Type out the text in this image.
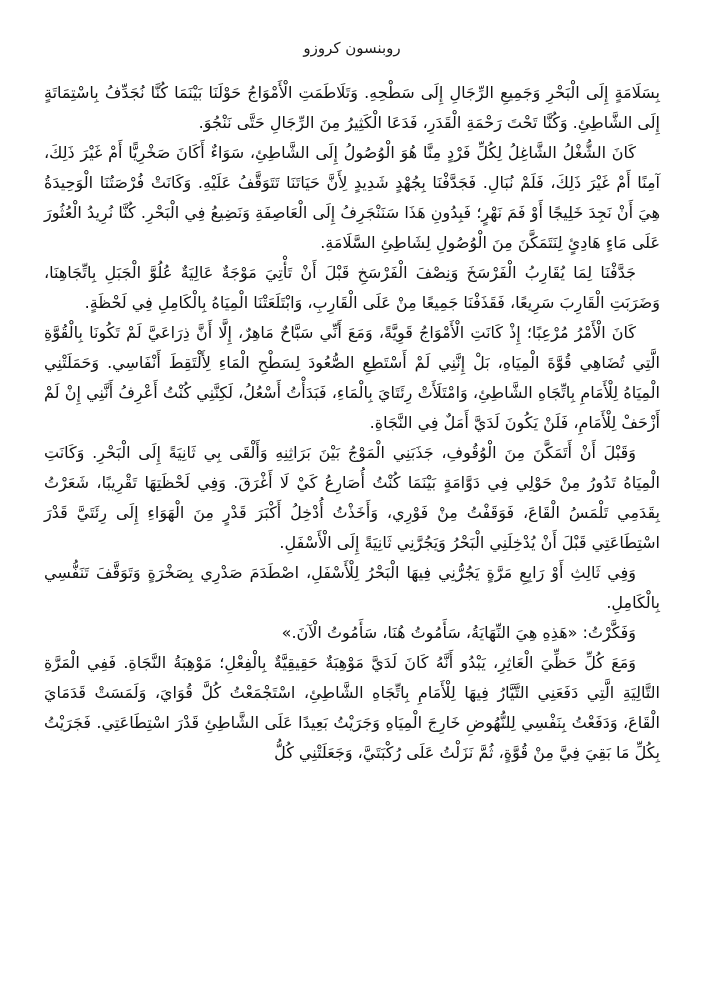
روبنسون كروزو

بِسَلَامَةٍ إِلَى الْبَحْرِ وَجَمِيعِ الرِّجَالِ إِلَى سَطْحِهِ. وَتَلَاطَمَتِ الْأَمْوَاجُ حَوْلَنَا بَيْنَمَا كُنَّا نُجَدِّفُ بِاسْتِمَاتَةٍ إِلَى الشَّاطِئِ. وَكُنَّا تَحْتَ رَحْمَةِ الْقَدَرِ، فَدَعَا الْكَثِيرُ مِنَ الرِّجَالِ حَتَّى نَنْجُوَ.

كَانَ الشُّغْلُ الشَّاغِلُ لِكُلِّ فَرْدٍ مِنَّا هُوَ الْوُصُولُ إِلَى الشَّاطِئِ، سَوَاءٌ أَكَانَ صَخْرِيًّا أَمْ غَيْرَ ذَلِكَ، آمِنًا أَمْ غَيْرَ ذَلِكَ، فَلَمْ نُبَالِ. فَجَدَّفْنَا بِجُهْدٍ شَدِيدٍ لِأَنَّ حَيَاتَنَا تَتَوَقَّفُ عَلَيْهِ. وَكَانَتْ فُرْصَتُنَا الْوَحِيدَةُ هِيَ أَنْ نَجِدَ خَلِيجًا أَوْ فَمَ نَهْرٍ؛ فَبِدُونِ هَذَا سَنَنْجَرِفُ إِلَى الْعَاصِفَةِ وَنَضِيعُ فِي الْبَحْرِ. كُنَّا نُرِيدُ الْعُثُورَ عَلَى مَاءٍ هَادِئٍ لِنَتَمَكَّنَ مِنَ الْوُصُولِ لِشَاطِئِ السَّلَامَةِ.

جَدَّفْنَا لِمَا يُقَارِبُ الْفَرْسَخَ وَنِصْفَ الْفَرْسَخِ قَبْلَ أَنْ تَأْتِيَ مَوْجَةٌ عَالِيَةٌ عُلُوَّ الْجَبَلِ بِاتِّجَاهِنَا، وَضَرَبَتِ الْقَارِبَ سَرِيعًا، فَقَذَفْنَا جَمِيعًا مِنْ عَلَى الْقَارِبِ، وَابْتَلَعَتْنَا الْمِيَاهُ بِالْكَامِلِ فِي لَحْظَةٍ.

كَانَ الْأَمْرُ مُرْعِبًا؛ إِذْ كَانَتِ الْأَمْوَاجُ قَوِيَّةً، وَمَعَ أَنِّي سَبَّاحٌ مَاهِرٌ، إِلَّا أَنَّ ذِرَاعَيَّ لَمْ تَكُونَا بِالْقُوَّةِ الَّتِي تُضَاهِي قُوَّةَ الْمِيَاهِ، بَلْ إِنَّنِي لَمْ أَسْتَطِعِ الصُّعُودَ لِسَطْحِ الْمَاءِ لِأَلْتَقِطَ أَنْفَاسِي. وَحَمَلَتْنِي الْمِيَاهُ لِلْأَمَامِ بِاتِّجَاهِ الشَّاطِئِ، وَامْتَلَأَتْ رِئَتَايَ بِالْمَاءِ، فَبَدَأْتُ أَسْعُلُ، لَكِنَّنِي كُنْتُ أَعْرِفُ أَنَّنِي إِنْ لَمْ أَزْحَفْ لِلْأَمَامِ، فَلَنْ يَكُونَ لَدَيَّ أَمَلٌ فِي النَّجَاةِ.

وَقَبْلَ أَنْ أَتَمَكَّنَ مِنَ الْوُقُوفِ، جَذَبَنِي الْمَوْجُ بَيْنَ بَرَاثِنِهِ وَأَلْقَى بِي ثَانِيَةً إِلَى الْبَحْرِ. وَكَانَتِ الْمِيَاهُ تَدُورُ مِنْ حَوْلِي فِي دَوَّامَةٍ بَيْنَمَا كُنْتُ أُصَارِعُ كَيْ لَا أَغْرَقَ. وَفِي لَحْظَتِهَا تَقْرِيبًا، شَعَرْتُ بِقَدَمِي تَلْمَسُ الْقَاعَ، فَوَقَفْتُ مِنْ فَوْرِي، وَأَخَذْتُ أُدْخِلُ أَكْبَرَ قَدْرٍ مِنَ الْهَوَاءِ إِلَى رِئَتَيَّ قَدْرَ اسْتِطَاعَتِي قَبْلَ أَنْ يُدْخِلَنِي الْبَحْرُ وَيَجُرَّنِي ثَانِيَةً إِلَى الْأَسْفَلِ.

وَفِي ثَالِثِ أَوْ رَابِعِ مَرَّةٍ يَجُرُّنِي فِيهَا الْبَحْرُ لِلْأَسْفَلِ، اصْطَدَمَ صَدْرِي بِصَخْرَةٍ وَتَوَقَّفَ تَنَفُّسِي بِالْكَامِلِ.

وَفَكَّرْتُ: «هَذِهِ هِيَ النِّهَايَةُ، سَأَمُوتُ هُنَا، سَأَمُوتُ الْآنَ.»

وَمَعَ كُلِّ حَظِّيَ الْعَاثِرِ، يَبْدُو أَنَّهُ كَانَ لَدَيَّ مَوْهِبَةٌ حَقِيقِيَّةٌ بِالْفِعْلِ؛ مَوْهِبَةُ النَّجَاةِ. فَفِي الْمَرَّةِ التَّالِيَةِ الَّتِي دَفَعَنِي التَّيَّارُ فِيهَا لِلْأَمَامِ بِاتِّجَاهِ الشَّاطِئِ، اسْتَجْمَعْتُ كُلَّ قُوَايَ، وَلَمَسَتْ قَدَمَايَ الْقَاعَ، وَدَفَعْتُ بِنَفْسِي لِلنُّهُوضِ خَارِجَ الْمِيَاهِ وَجَرَيْتُ بَعِيدًا عَلَى الشَّاطِئِ قَدْرَ اسْتِطَاعَتِي. فَجَرَيْتُ بِكُلِّ مَا بَقِيَ فِيَّ مِنْ قُوَّةٍ، ثُمَّ نَزَلْتُ عَلَى رُكْبَتَيَّ، وَجَعَلَتْنِي كُلُّ
